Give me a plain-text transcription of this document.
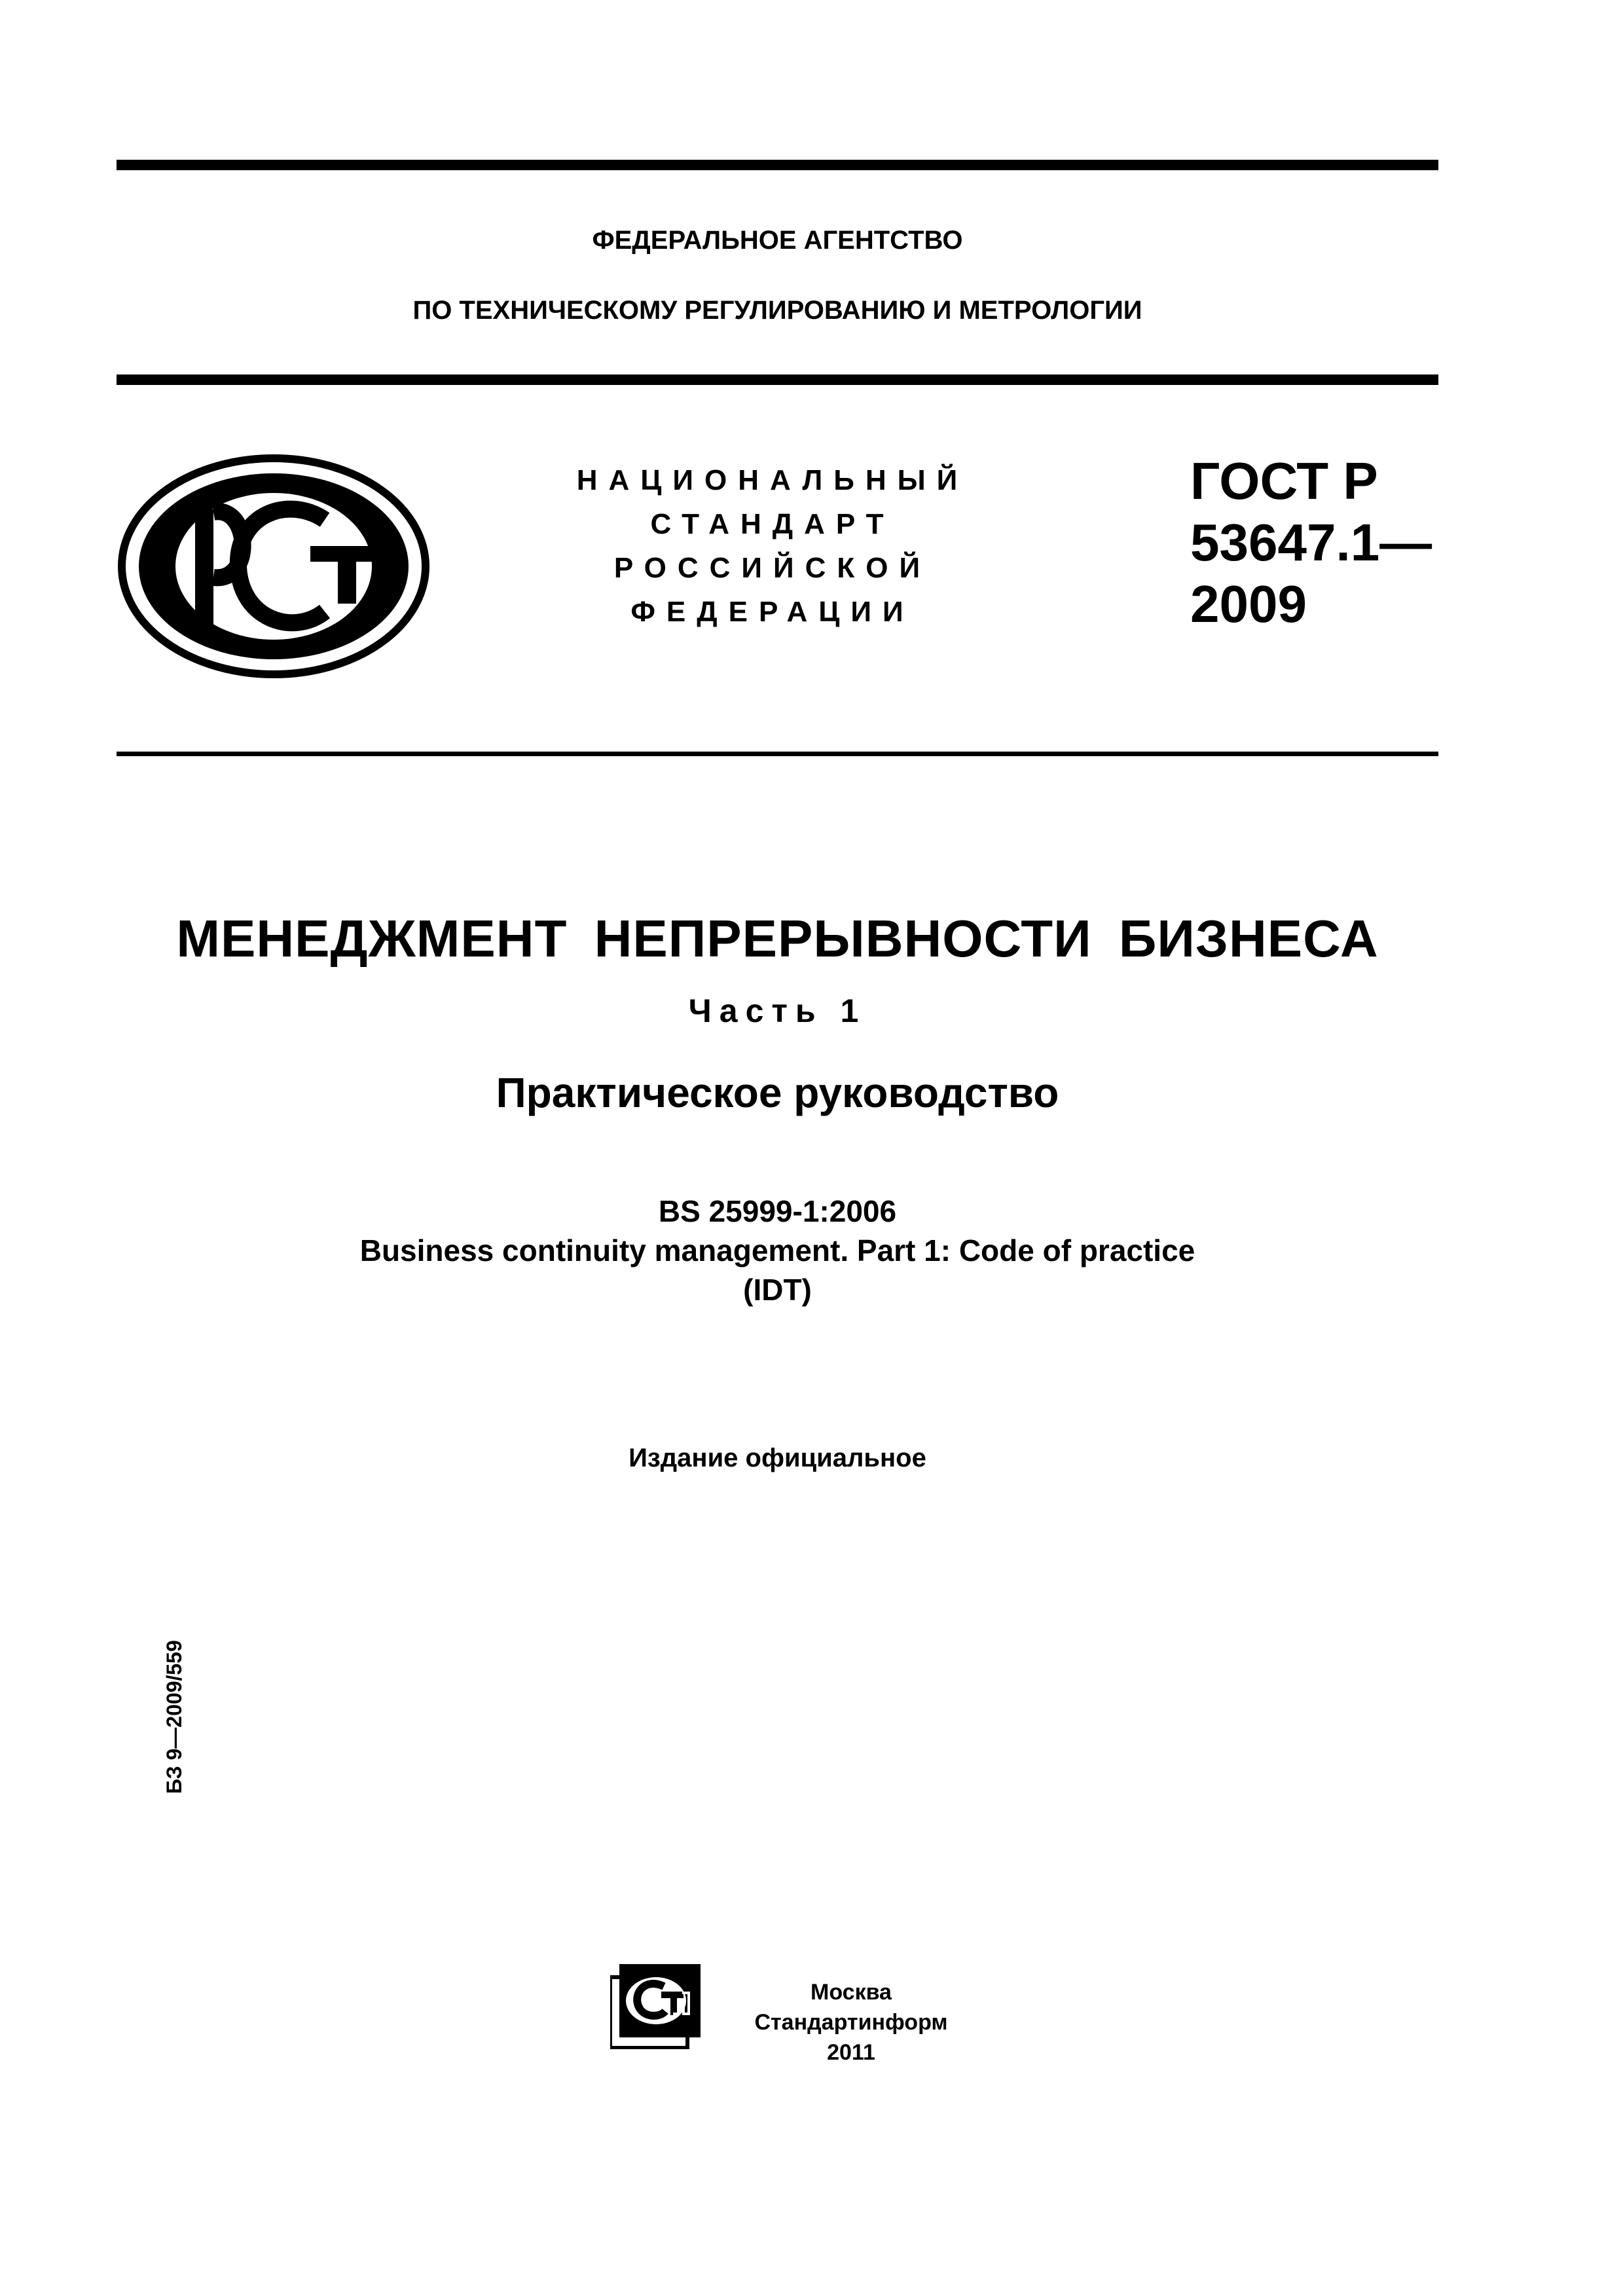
ФЕДЕРАЛЬНОЕ АГЕНТСТВО
ПО ТЕХНИЧЕСКОМУ РЕГУЛИРОВАНИЮ И МЕТРОЛОГИИ
НАЦИОНАЛЬНЫЙ
СТАНДАРТ
РОССИЙСКОЙ
ФЕДЕРАЦИИ
ГОСТ Р
53647.1—
2009
МЕНЕДЖМЕНТ НЕПРЕРЫВНОСТИ БИЗНЕСА
Часть 1
Практическое руководство
BS 25999-1:2006
Business continuity management. Part 1: Code of practice
(IDT)
Издание официальное
БЗ 9—2009/559
Москва
Стандартинформ
2011
